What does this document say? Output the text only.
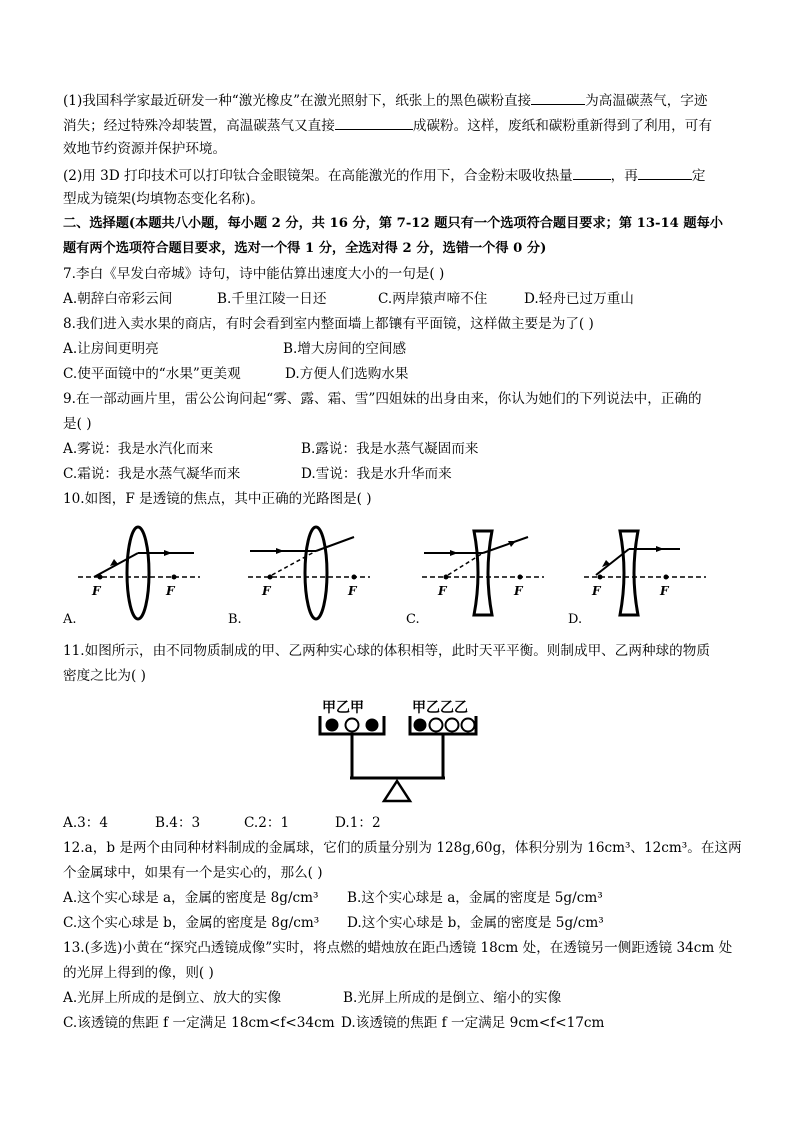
(1)我国科学家最近研发一种“激光橡皮”在激光照射下，纸张上的黑色碳粉直接	为高温碳蒸气，字迹
消失；经过特殊冷却装置，高温碳蒸气又直接	成碳粉。这样，废纸和碳粉重新得到了利用，可有
效地节约资源并保护环境。
(2)用 3D 打印技术可以打印钛合金眼镜架。在高能激光的作用下，合金粉末吸收热量	，再	定
型成为镜架(均填物态变化名称)。
二、选择题(本题共八小题，每小题 2 分，共 16 分，第 7-12 题只有一个选项符合题目要求；第 13-14 题每小
题有两个选项符合题目要求，选对一个得 1 分，全选对得 2 分，选错一个得 0 分)
7.李白《早发白帝城》诗句，诗中能估算出速度大小的一句是( )
A.朝辞白帝彩云间	B.千里江陵一日还	C.两岸猿声啼不住	D.轻舟已过万重山
8.我们进入卖水果的商店，有时会看到室内整面墙上都镶有平面镜，这样做主要是为了( )
A.让房间更明亮	B.增大房间的空间感
C.使平面镜中的“水果”更美观	D.方便人们选购水果
9.在一部动画片里，雷公公询问起“雾、露、霜、雪”四姐妹的出身由来，你认为她们的下列说法中，正确的
是( )
A.雾说：我是水汽化而来	B.露说：我是水蒸气凝固而来
C.霜说：我是水蒸气凝华而来	D.雪说：我是水升华而来
10.如图，F 是透镜的焦点，其中正确的光路图是( )
F	F
A.
F	F
B.
F	F
C.
F	F
D.
11.如图所示，由不同物质制成的甲、乙两种实心球的体积相等，此时天平平衡。则制成甲、乙两种球的物质
密度之比为( )
甲乙甲	甲乙乙乙
A.3：4	B.4：3	C.2：1	D.1：2
12.a，b 是两个由同种材料制成的金属球，它们的质量分别为 128g,60g，体积分别为 16cm³、12cm³。在这两
个金属球中，如果有一个是实心的，那么( )
A.这个实心球是 a，金属的密度是 8g/cm³ B.这个实心球是 a，金属的密度是 5g/cm³
C.这个实心球是 b，金属的密度是 8g/cm³ D.这个实心球是 b，金属的密度是 5g/cm³
13.(多选)小黄在“探究凸透镜成像”实时，将点燃的蜡烛放在距凸透镜 18cm 处，在透镜另一侧距透镜 34cm 处
的光屏上得到的像，则( )
A.光屏上所成的是倒立、放大的实像	B.光屏上所成的是倒立、缩小的实像
C.该透镜的焦距 f 一定满足 18cm<f<34cm D.该透镜的焦距 f 一定满足 9cm<f<17cm
